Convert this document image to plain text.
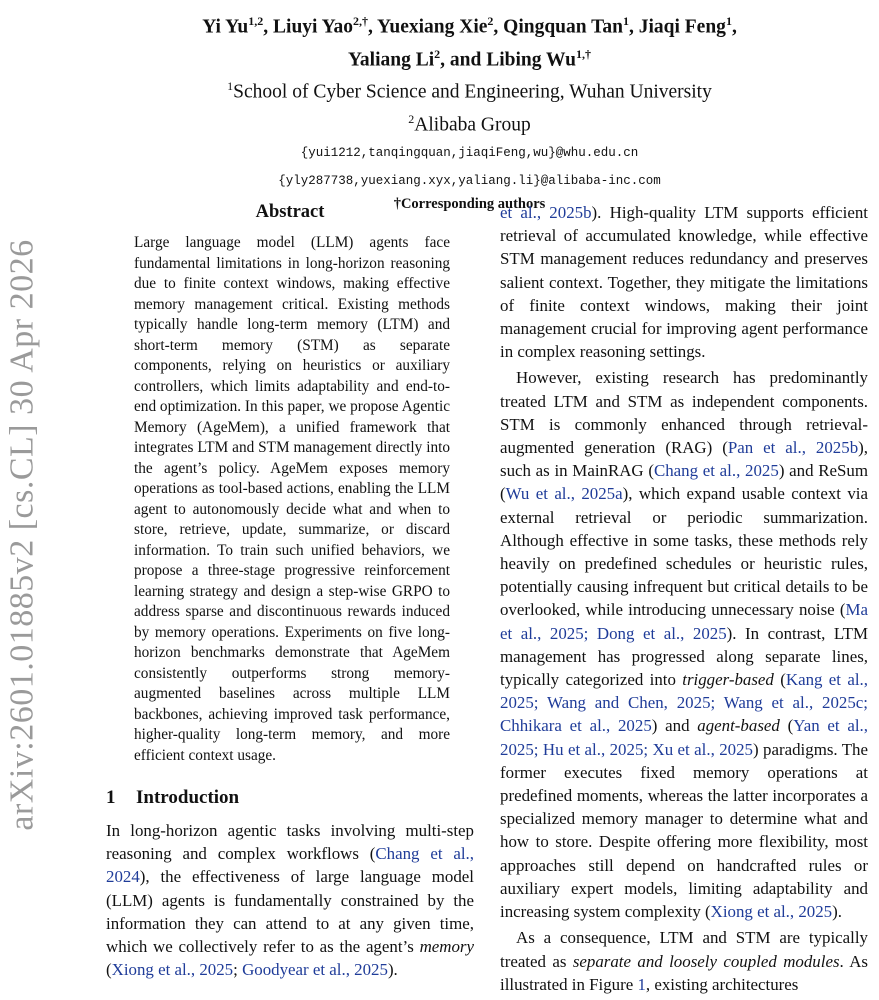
arXiv:2601.01885v2 [cs.CL] 30 Apr 2026
Yi Yu$^{1,2}$, Liuyi Yao$^{2,\dagger}$, Yuexiang Xie$^2$, Qingquan Tan$^1$, Jiaqi Feng$^1$,
Yaliang Li$^2$, and Libing $Wu^{1,\dagger}$
$^1$School of Cyber Science and Engineering, Wuhan University
$^2$Alibaba Group
{yui1212,tanqingquan,jiaqiFeng,wu}@whu.edu.cn
{yly287738,yuexiang.xyx,yaliang.li}@alibaba-inc.com
†Corresponding authors
Abstract
Large language model (LLM) agents face fundamental limitations in long-horizon reasoning due to finite context windows, making effective memory management critical. Existing methods typically handle long-term memory (LTM) and short-term memory (STM) as separate components, relying on heuristics or auxiliary controllers, which limits adaptability and end-to-end optimization. In this paper, we propose Agentic Memory (AgeMem), a unified framework that integrates LTM and STM management directly into the agent’s policy. AgeMem exposes memory operations as tool-based actions, enabling the LLM agent to autonomously decide what and when to store, retrieve, update, summarize, or discard information. To train such unified behaviors, we propose a three-stage progressive reinforcement learning strategy and design a step-wise GRPO to address sparse and discontinuous rewards induced by memory operations. Experiments on five long-horizon benchmarks demonstrate that AgeMem consistently outperforms strong memory-augmented baselines across multiple LLM backbones, achieving improved task performance, higher-quality long-term memory, and more efficient context usage.
1 Introduction

In long-horizon agentic tasks involving multi-step reasoning and complex workflows (Chang et al., 2024), the effectiveness of large language model (LLM) agents is fundamentally constrained by the information they can attend to at any given time, which we collectively refer to as the agent’s memory (Xiong et al., 2025; Goodyear et al., 2025).

et al., 2025b). High-quality LTM supports efficient retrieval of accumulated knowledge, while effective STM management reduces redundancy and preserves salient context. Together, they mitigate the limitations of finite context windows, making their joint management crucial for improving agent performance in complex reasoning settings.

However, existing research has predominantly treated LTM and STM as independent components. STM is commonly enhanced through retrieval-augmented generation (RAG) (Pan et al., 2025b), such as in MainRAG (Chang et al., 2025) and ReSum (Wu et al., 2025a), which expand usable context via external retrieval or periodic summarization. Although effective in some tasks, these methods rely heavily on predefined schedules or heuristic rules, potentially causing infrequent but critical details to be overlooked, while introducing unnecessary noise (Ma et al., 2025; Dong et al., 2025). In contrast, LTM management has progressed along separate lines, typically categorized into trigger-based (Kang et al., 2025; Wang and Chen, 2025; Wang et al., 2025c; Chhikara et al., 2025) and agent-based (Yan et al., 2025; Hu et al., 2025; Xu et al., 2025) paradigms. The former executes fixed memory operations at predefined moments, whereas the latter incorporates a specialized memory manager to determine what and how to store. Despite offering more flexibility, most approaches still depend on handcrafted rules or auxiliary expert models, limiting adaptability and increasing system complexity (Xiong et al., 2025).

As a consequence, LTM and STM are typically treated as separate and loosely coupled modules. As illustrated in Figure 1, existing architectures
